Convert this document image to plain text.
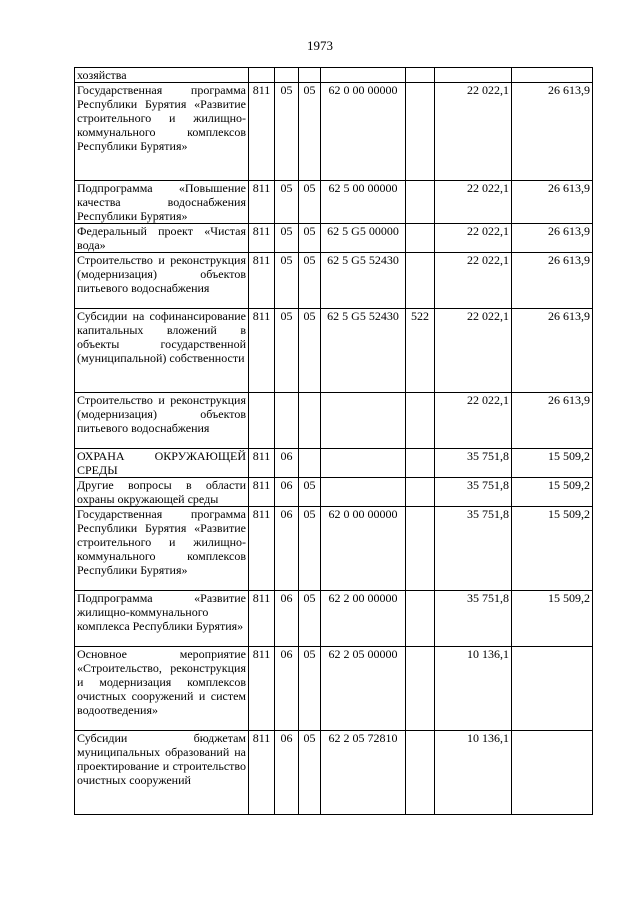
1973
хозяйства							
Государственная программа Республики Бурятия «Развитие строительного и жилищно-коммунального комплексов Республики Бурятия»	811	05	05	62 0 00 00000		22 022,1	26 613,9
Подпрограмма «Повышение качества водоснабжения Республики Бурятия»	811	05	05	62 5 00 00000		22 022,1	26 613,9
Федеральный проект «Чистая вода»	811	05	05	62 5 G5 00000		22 022,1	26 613,9
Строительство и реконструкция (модернизация) объектов питьевого водоснабжения	811	05	05	62 5 G5 52430		22 022,1	26 613,9
Субсидии на софинансирование капитальных вложений в объекты государственной (муниципальной) собственности	811	05	05	62 5 G5 52430	522	22 022,1	26 613,9
Строительство и реконструкция (модернизация) объектов питьевого водоснабжения						22 022,1	26 613,9
ОХРАНА ОКРУЖАЮЩЕЙ СРЕДЫ	811	06				35 751,8	15 509,2
Другие вопросы в области охраны окружающей среды	811	06	05			35 751,8	15 509,2
Государственная программа Республики Бурятия «Развитие строительного и жилищно-коммунального комплексов Республики Бурятия»	811	06	05	62 0 00 00000		35 751,8	15 509,2
Подпрограмма «Развитие жилищно-коммунального комплекса Республики Бурятия»	811	06	05	62 2 00 00000		35 751,8	15 509,2
Основное мероприятие «Строительство, реконструкция и модернизация комплексов очистных сооружений и систем водоотведения»	811	06	05	62 2 05 00000		10 136,1	
Субсидии бюджетам муниципальных образований на проектирование и строительство очистных сооружений	811	06	05	62 2 05 72810		10 136,1	
